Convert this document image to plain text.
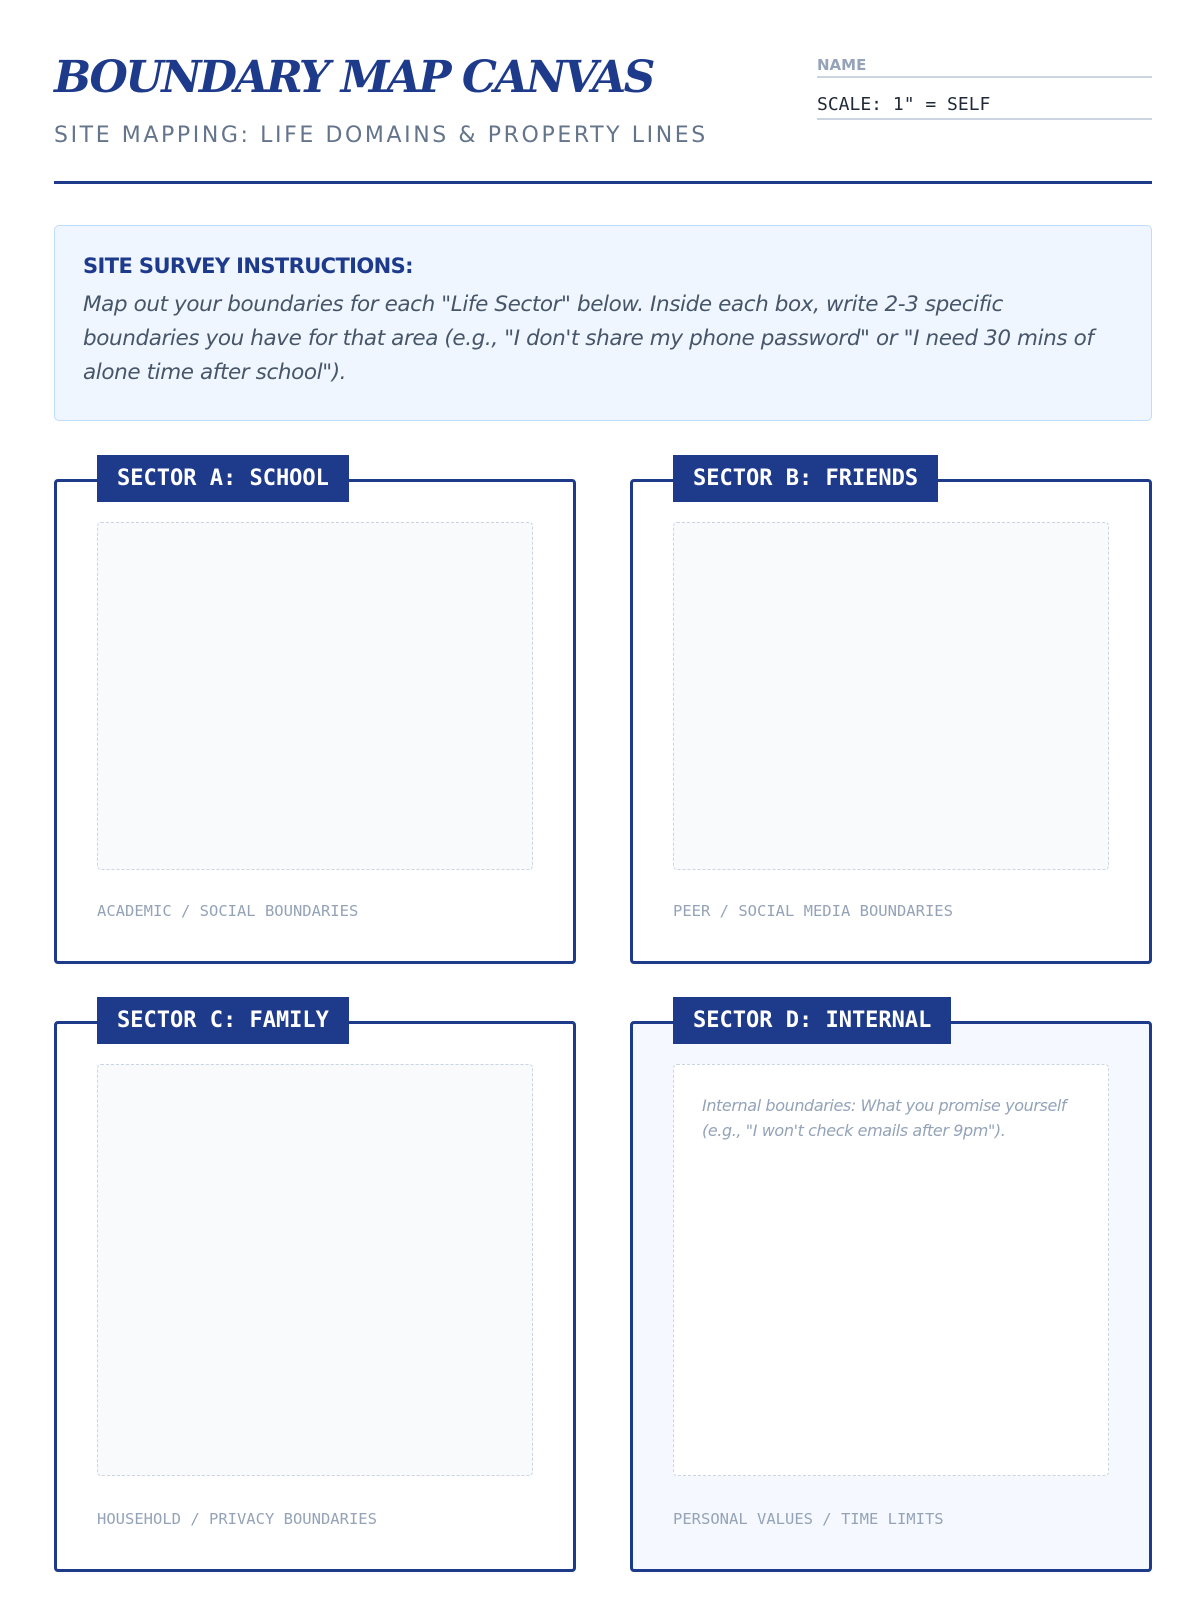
BOUNDARY MAP CANVAS
SITE MAPPING: LIFE DOMAINS & PROPERTY LINES
NAME
SCALE: 1" = SELF
SITE SURVEY INSTRUCTIONS:

Map out your boundaries for each "Life Sector" below. Inside each box, write 2-3 specific boundaries you have for that area (e.g., "I don't share my phone password" or "I need 30 mins of alone time after school").

SECTOR A: SCHOOL
ACADEMIC / SOCIAL BOUNDARIES
SECTOR B: FRIENDS
PEER / SOCIAL MEDIA BOUNDARIES
SECTOR C: FAMILY
HOUSEHOLD / PRIVACY BOUNDARIES
SECTOR D: INTERNAL

Internal boundaries: What you promise yourself (e.g., "I won't check emails after 9pm").

PERSONAL VALUES / TIME LIMITS
